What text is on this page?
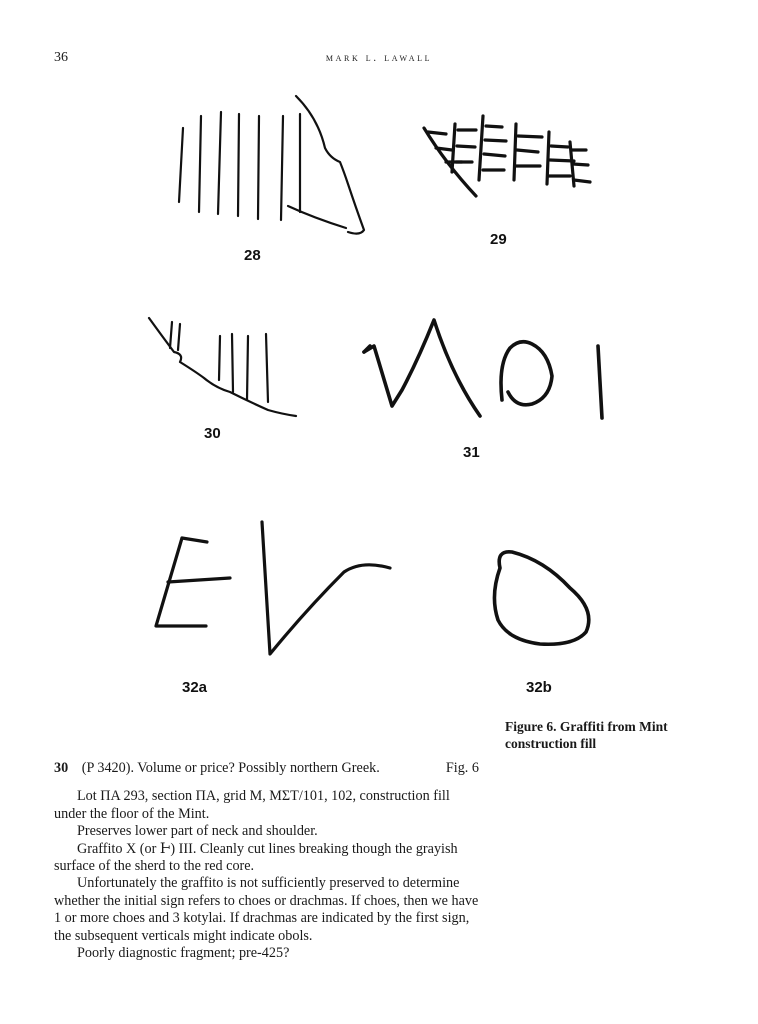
36	mark l. lawall
28
29
30
31
32a	32b
Figure 6. Graffiti from Mint
construction fill
30 (P 3420). Volume or price? Possibly northern Greek.	Fig. 6

Lot ΠΑ 293, section ΠΑ, grid M, ΜΣΤ/101, 102, construction fill under the floor of the Mint.

Preserves lower part of neck and shoulder.

Graffito Χ (or Ͱ) ΙΙΙ. Cleanly cut lines breaking though the grayish surface of the sherd to the red core.

Unfortunately the graffito is not sufficiently preserved to determine whether the initial sign refers to choes or drachmas. If choes, then we have 1 or more choes and 3 kotylai. If drachmas are indicated by the first sign, the subsequent verticals might indicate obols.

Poorly diagnostic fragment; pre-425?
